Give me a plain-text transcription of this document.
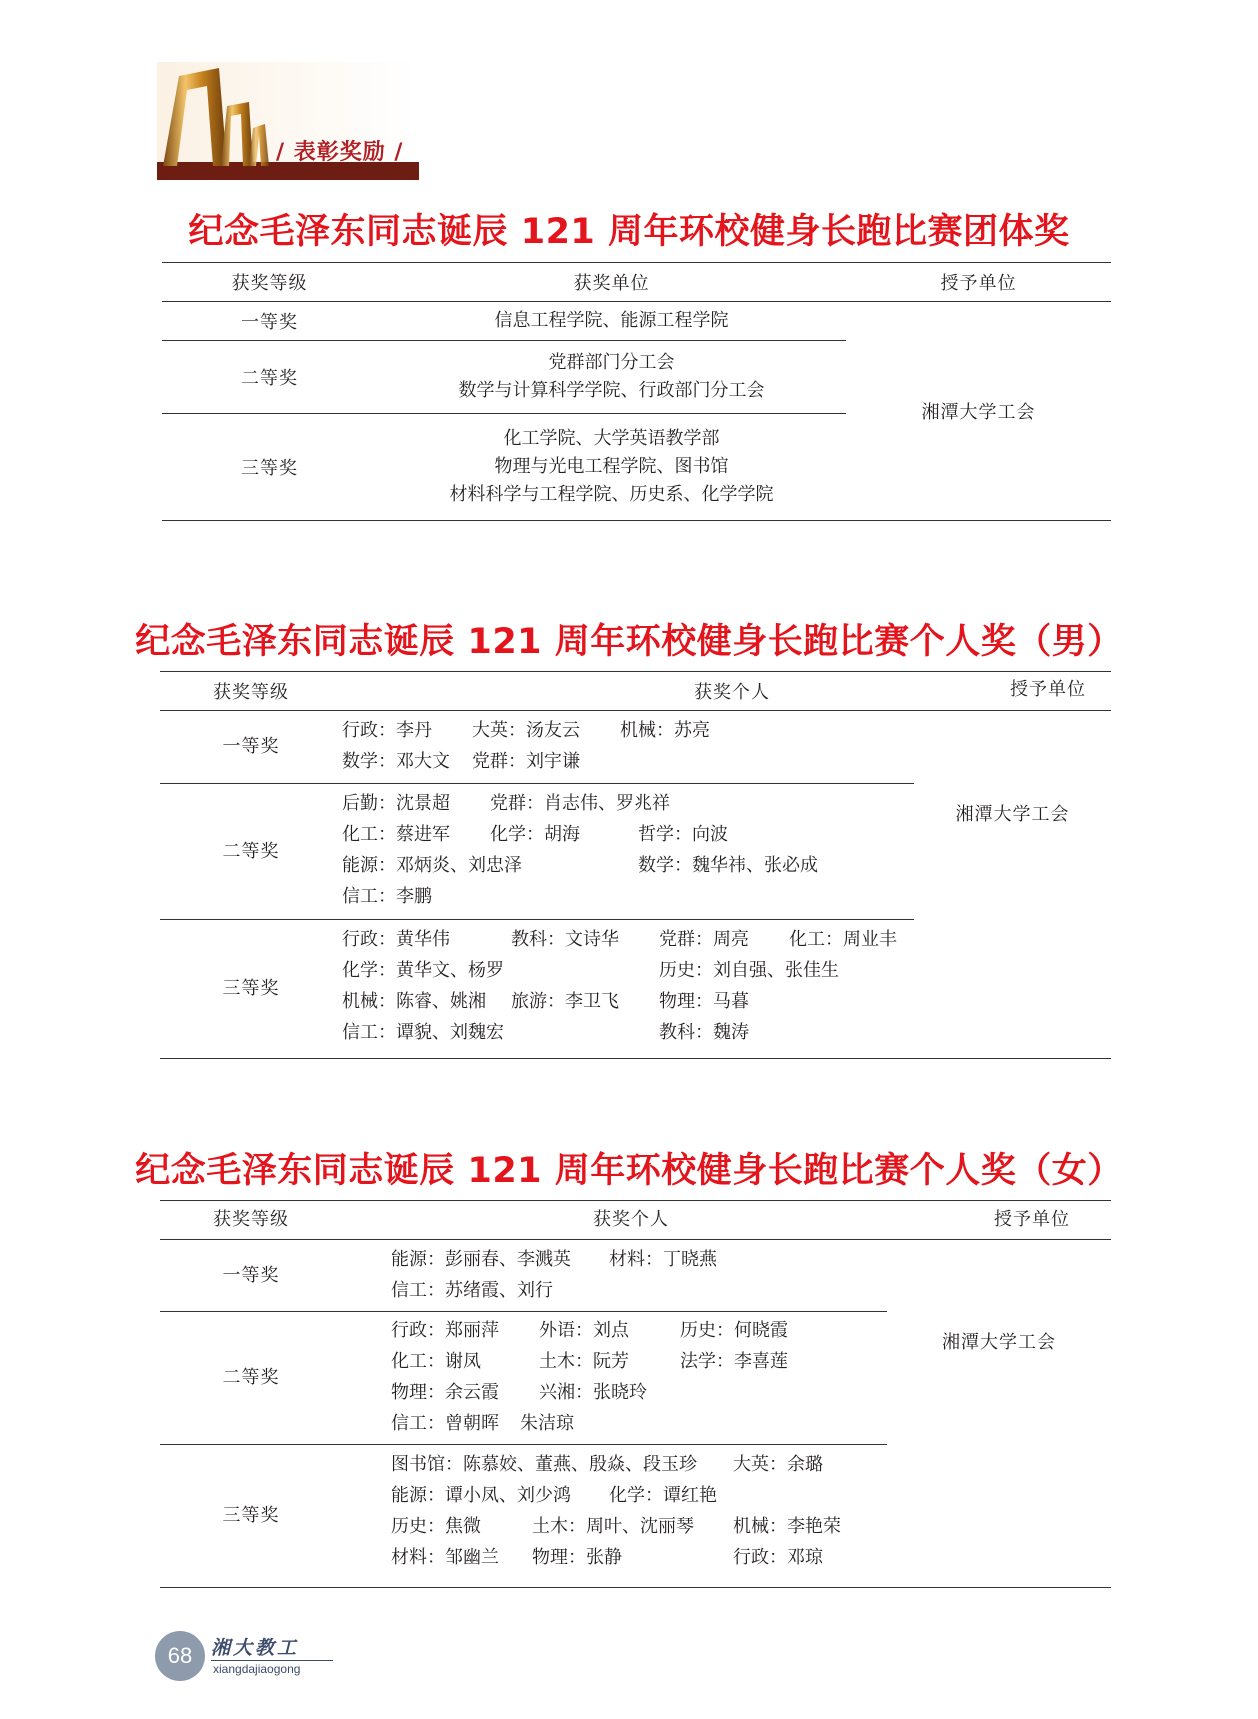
/ 表彰奖励 /
纪念毛泽东同志诞辰 121 周年环校健身长跑比赛团体奖
获奖等级	获奖单位	授予单位
一等奖	信息工程学院、能源工程学院	湘潭大学工会
二等奖	党群部门分工会
数学与计算科学学院、行政部门分工会	

三等奖	化工学院、大学英语教学部
物理与光电工程学院、图书馆
材料科学与工程学院、历史系、化学学院	
纪念毛泽东同志诞辰 121 周年环校健身长跑比赛个人奖（男）
获奖等级	获奖个人		授予单位
一等奖
行政：李丹 大英：汤友云 机械：苏亮
数学：邓大文 党群：刘宇谦
二等奖
后勤：沈景超 党群：肖志伟、罗兆祥
化工：蔡进军 化学：胡海	哲学：向波
能源：邓炳炎、刘忠泽	数学：魏华祎、张必成
信工：李鹏
三等奖
行政：黄华伟	教科：文诗华 党群：周亮 化工：周业丰
化学：黄华文、杨罗	历史：刘自强、张佳生
机械：陈睿、姚湘 旅游：李卫飞 物理：马暮
信工：谭貌、刘魏宏	教科：魏涛
湘潭大学工会
纪念毛泽东同志诞辰 121 周年环校健身长跑比赛个人奖（女）
获奖等级	获奖个人	授予单位
一等奖
能源：彭丽春、李溅英 材料：丁晓燕
信工：苏绪霞、刘行
二等奖
行政：郑丽萍 外语：刘点	历史：何晓霞
化工：谢凤	土木：阮芳	法学：李喜莲
物理：余云霞 兴湘：张晓玲
信工：曾朝晖 朱洁琼
三等奖
图书馆：陈慕姣、董燕、殷焱、段玉珍 大英：余璐
能源：谭小凤、刘少鸿 化学：谭红艳
历史：焦微	土木：周叶、沈丽琴 机械：李艳荣
材料：邹幽兰 物理：张静	行政：邓琼
湘潭大学工会
68 湘大教工
xiangdajiaogong
